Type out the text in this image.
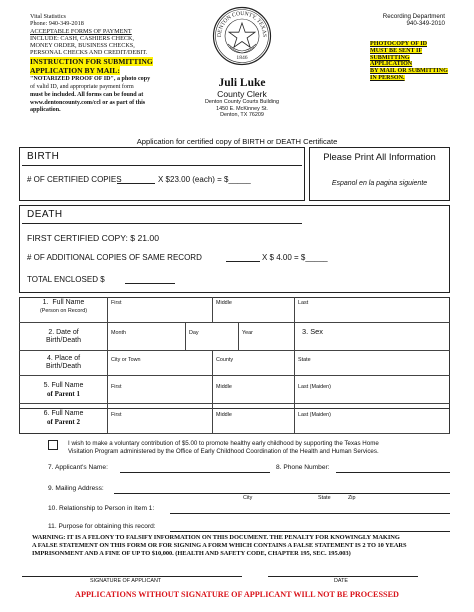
Vital Statistics
Phone: 940-349-2018
ACCEPTABLE FORMS OF PAYMENT
INCLUDE: CASH, CASHIERS CHECK,
MONEY ORDER, BUSINESS CHECKS,
PERSONAL CHECKS AND CREDIT/DEBIT.
INSTRUCTION FOR SUBMITTING
APPLICATION BY MAIL:
"NOTARIZED PROOF OF ID", a photo copy
of valid ID, and appropriate payment form
must be included. All forms can be found at
www.dentoncounty.com/ccl or as part of this
application.
DENTON COUNTY, TEXAS
1846
Juli Luke
County Clerk
Denton County Courts Building
1450 E. McKinney St.
Denton, TX 76209
Recording Department
940-349-2010
PHOTOCOPY OF ID
MUST BE SENT IF
SUBMITTING
APPLICATION
BY MAIL OR SUBMITTING
IN PERSON.
Application for certified copy of BIRTH or DEATH Certificate
BIRTH
# OF CERTIFIED COPIES	X $23.00 (each) = $_____
Please Print All Information
Espanol en la pagina siguiente
DEATH
FIRST CERTIFIED COPY: $ 21.00
# OF ADDITIONAL COPIES OF SAME RECORD	X $ 4.00 = $_____
TOTAL ENCLOSED $
1. Full Name
(Person on Record)
First	Middle	Last
2. Date of
Birth/Death
Month	Day	Year	3. Sex
4. Place of
Birth/Death
City or Town	County	State
5. Full Name
of Parent 1
First	Middle	Last (Maiden)
6. Full Name
of Parent 2
First	Middle	Last (Maiden)
I wish to make a voluntary contribution of $5.00 to promote healthy early childhood by supporting the Texas Home
Visitation Program administered by the Office of Early Childhood Coordination of the Health and Human Services.
7. Applicant's Name:	8. Phone Number:
9. Mailing Address:
City	State	Zip
10. Relationship to Person in Item 1:
11. Purpose for obtaining this record:
WARNING: IT IS A FELONY TO FALSIFY INFORMATION ON THIS DOCUMENT. THE PENALTY FOR KNOWINGLY MAKING
A FALSE STATEMENT ON THIS FORM OR FOR SIGNING A FORM WHICH CONTAINS A FALSE STATEMENT IS 2 TO 10 YEARS
IMPRISONMENT AND A FINE OF UP TO $10,000. (HEALTH AND SAFETY CODE, CHAPTER 195, SEC. 195.003)
SIGNATURE OF APPLICANT	DATE
APPLICATIONS WITHOUT SIGNATURE OF APPLICANT WILL NOT BE PROCESSED
